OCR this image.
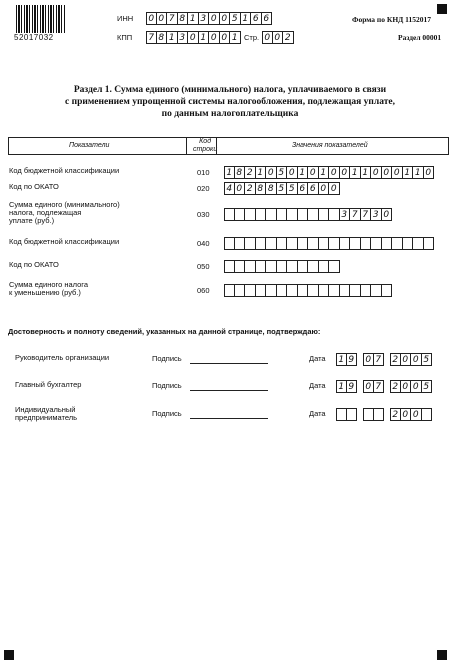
52017032
ИНН 0 0 7 8 1 3 0 0 5 1 6 6
КПП 7 8 1 3 0 1 0 0 1 Стр. 0 0 2
Форма по КНД 1152017
Раздел 00001
Раздел 1. Сумма единого (минимального) налога, уплачиваемого в связи
с применением упрощенной системы налогообложения, подлежащая уплате,
по данным налогоплательщика
Показатели
Код
строки	Значения показателей
Код бюджетной классификации	010 1 8 2 1 0 5 0 1 0 1 0 0 1 1 0 0 0 1 1 0
Код по ОКАТО	020 4 0 2 8 8 5 5 6 6 0 0
Сумма единого (минимального)
налога, подлежащая
уплате (руб.)
030	3 7 7 3 0
Код бюджетной классификации	040
Код по ОКАТО	050
Сумма единого налога
к уменьшению (руб.)	060
Достоверность и полноту сведений, указанных на данной странице, подтверждаю:
Руководитель организации	Подпись	Дата 1 9	0 7	2 0 0 5
Главный бухгалтер	Подпись	Дата 1 9	0 7	2 0 0 5
Индивидуальный
предприниматель	Подпись	Дата	2 0 0
